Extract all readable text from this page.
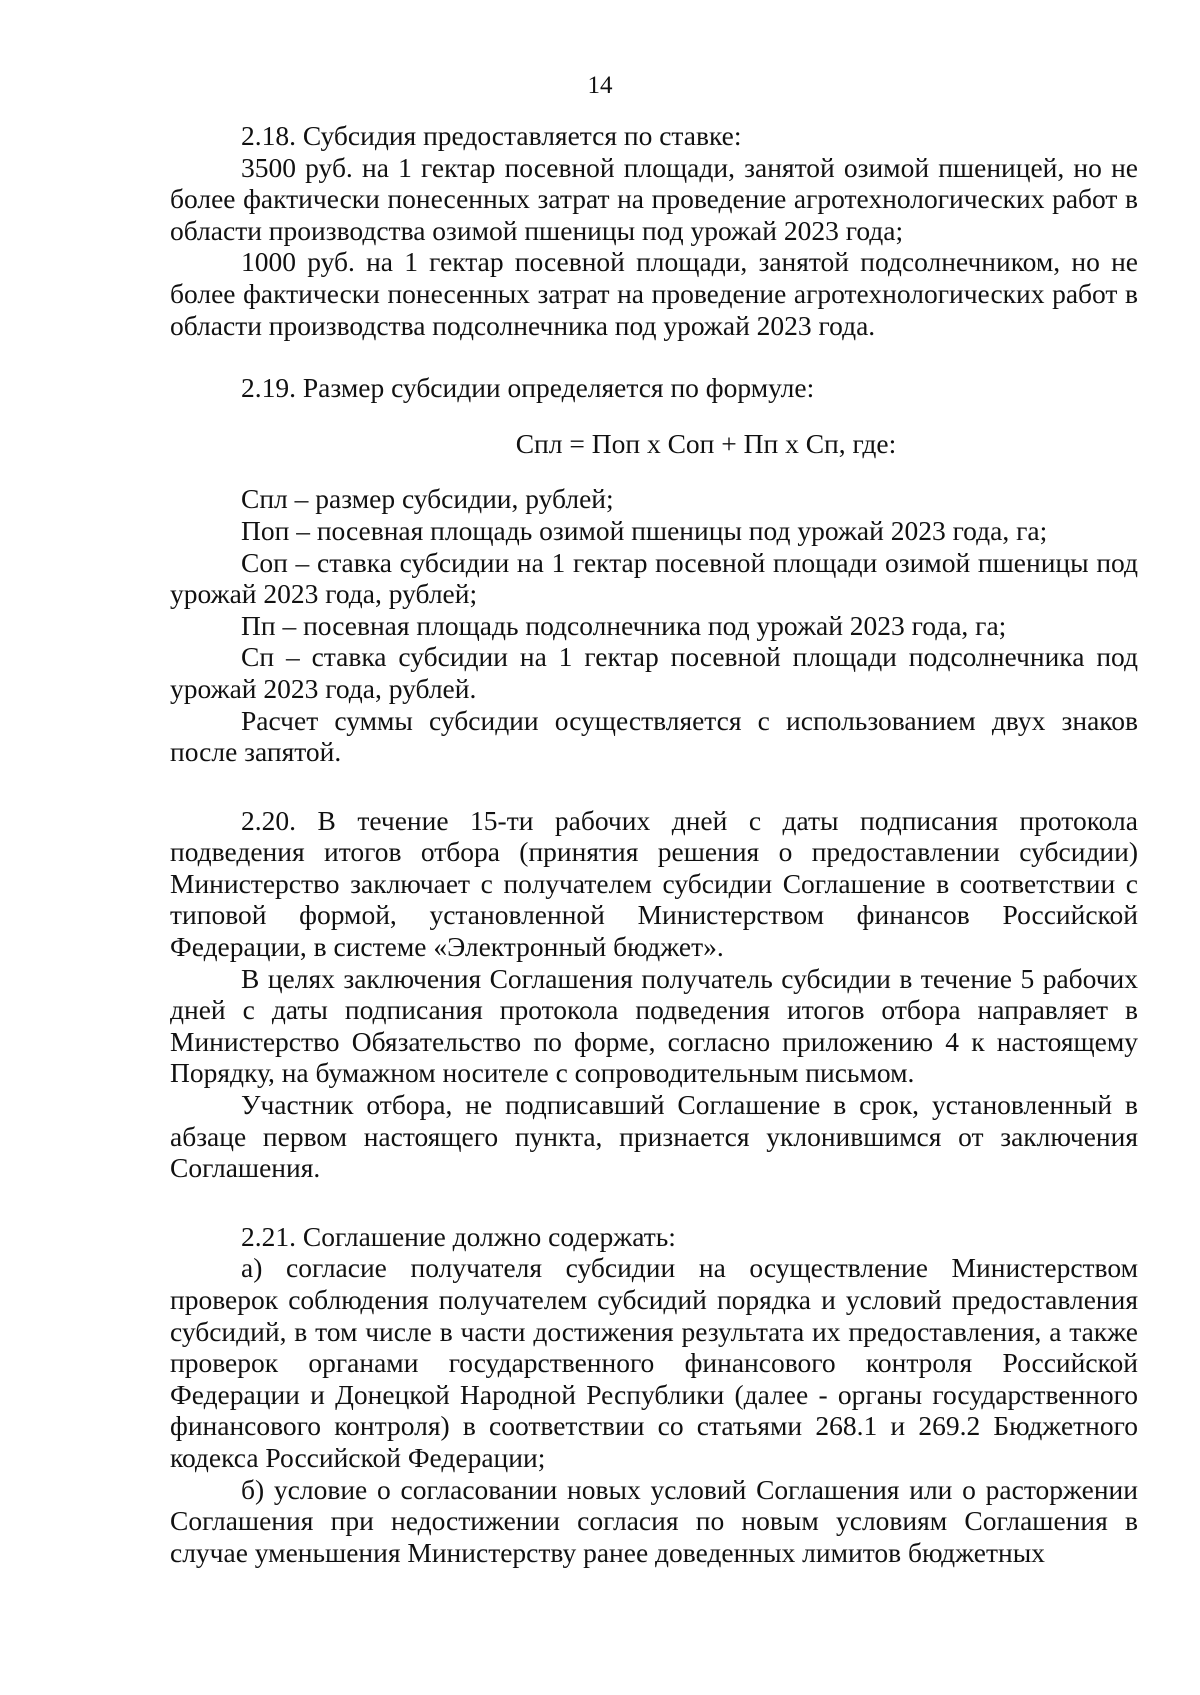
14

2.18. Субсидия предоставляется по ставке:

3500 руб. на 1 гектар посевной площади, занятой озимой пшеницей, но не более фактически понесенных затрат на проведение агротехнологических работ в области производства озимой пшеницы под урожай 2023 года;

1000 руб. на 1 гектар посевной площади, занятой подсолнечником, но не более фактически понесенных затрат на проведение агротехнологических работ в области производства подсолнечника под урожай 2023 года.

2.19. Размер субсидии определяется по формуле:

Спл = Поп х Соп + Пп х Сп, где:

Спл – размер субсидии, рублей;

Поп – посевная площадь озимой пшеницы под урожай 2023 года, га;

Соп – ставка субсидии на 1 гектар посевной площади озимой пшеницы под урожай 2023 года, рублей;

Пп – посевная площадь подсолнечника под урожай 2023 года, га;

Сп – ставка субсидии на 1 гектар посевной площади подсолнечника под урожай 2023 года, рублей.

Расчет суммы субсидии осуществляется с использованием двух знаков после запятой.

2.20. В течение 15-ти рабочих дней с даты подписания протокола подведения итогов отбора (принятия решения о предоставлении субсидии) Министерство заключает с получателем субсидии Соглашение в соответствии с типовой формой, установленной Министерством финансов Российской Федерации, в системе «Электронный бюджет».

В целях заключения Соглашения получатель субсидии в течение 5 рабочих дней с даты подписания протокола подведения итогов отбора направляет в Министерство Обязательство по форме, согласно приложению 4 к настоящему Порядку, на бумажном носителе с сопроводительным письмом.

Участник отбора, не подписавший Соглашение в срок, установленный в абзаце первом настоящего пункта, признается уклонившимся от заключения Соглашения.

2.21. Соглашение должно содержать:

а) согласие получателя субсидии на осуществление Министерством проверок соблюдения получателем субсидий порядка и условий предоставления субсидий, в том числе в части достижения результата их предоставления, а также проверок органами государственного финансового контроля Российской Федерации и Донецкой Народной Республики (далее - органы государственного финансового контроля) в соответствии со статьями 268.1 и 269.2 Бюджетного кодекса Российской Федерации;

б) условие о согласовании новых условий Соглашения или о расторжении Соглашения при недостижении согласия по новым условиям Соглашения в случае уменьшения Министерству ранее доведенных лимитов бюджетных
